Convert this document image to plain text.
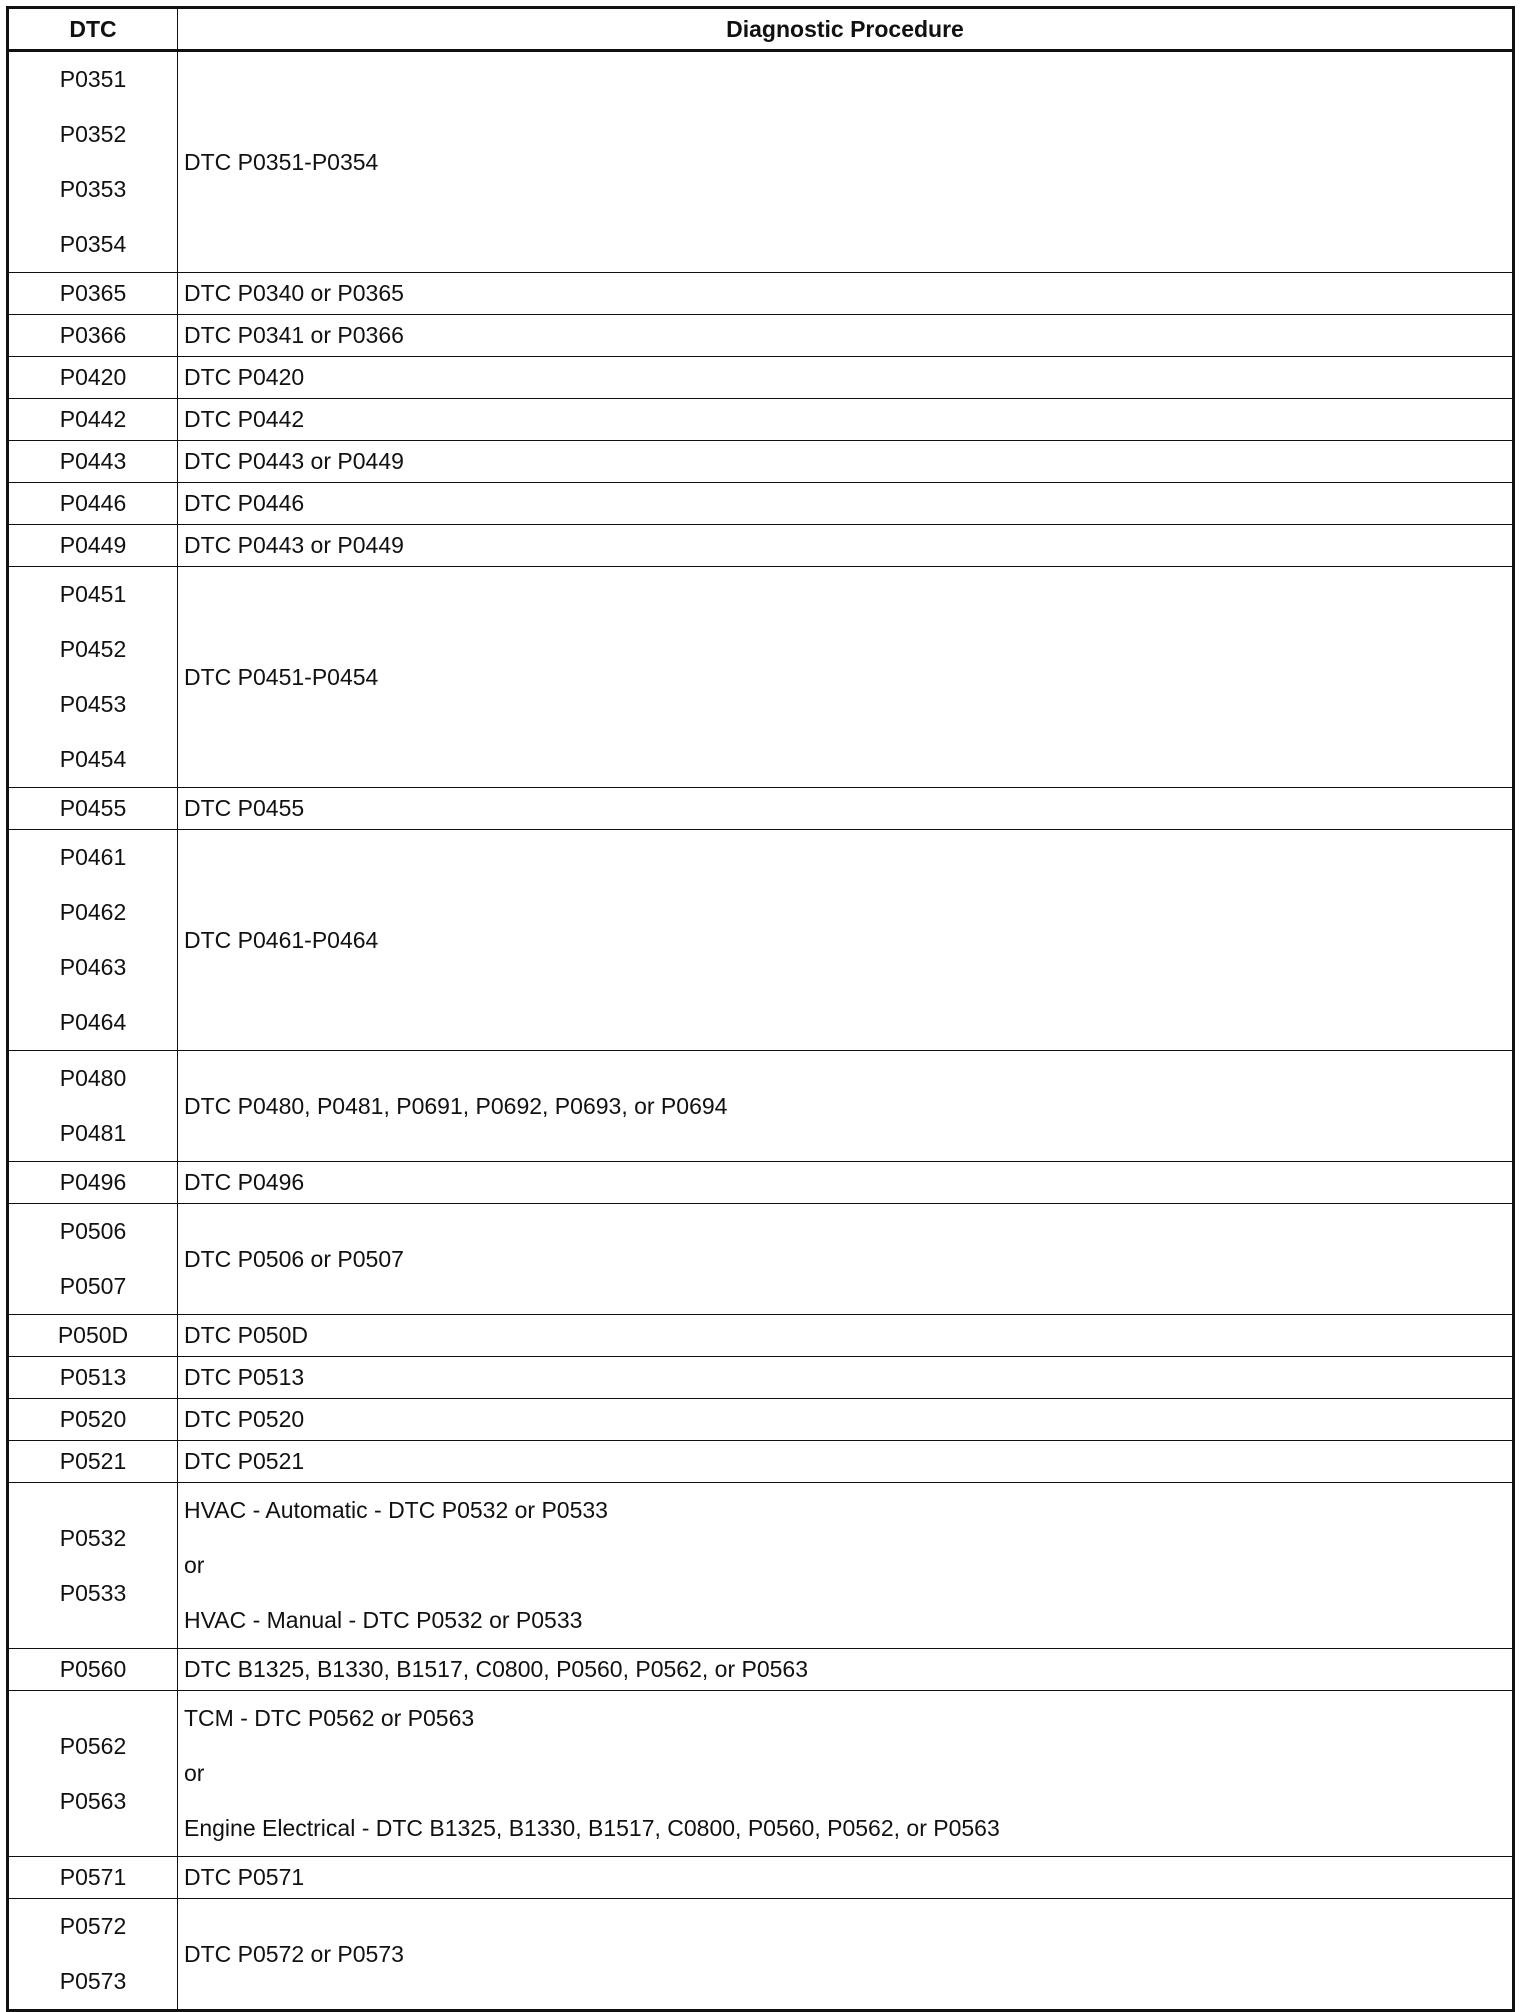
DTC	Diagnostic Procedure

P0351
P0352
P0353
P0354	DTC P0351-P0354

P0365	DTC P0340 or P0365

P0366	DTC P0341 or P0366

P0420	DTC P0420

P0442	DTC P0442

P0443	DTC P0443 or P0449

P0446	DTC P0446

P0449	DTC P0443 or P0449

P0451
P0452
P0453
P0454	DTC P0451-P0454

P0455	DTC P0455

P0461
P0462
P0463
P0464	DTC P0461-P0464

P0480
P0481	DTC P0480, P0481, P0691, P0692, P0693, or P0694

P0496	DTC P0496

P0506
P0507	DTC P0506 or P0507

P050D	DTC P050D

P0513	DTC P0513

P0520	DTC P0520

P0521	DTC P0521

P0532
P0533	HVAC - Automatic - DTC P0532 or P0533
or
HVAC - Manual - DTC P0532 or P0533

P0560	DTC B1325, B1330, B1517, C0800, P0560, P0562, or P0563

P0562
P0563	TCM - DTC P0562 or P0563
or
Engine Electrical - DTC B1325, B1330, B1517, C0800, P0560, P0562, or P0563

P0571	DTC P0571

P0572
P0573	DTC P0572 or P0573
